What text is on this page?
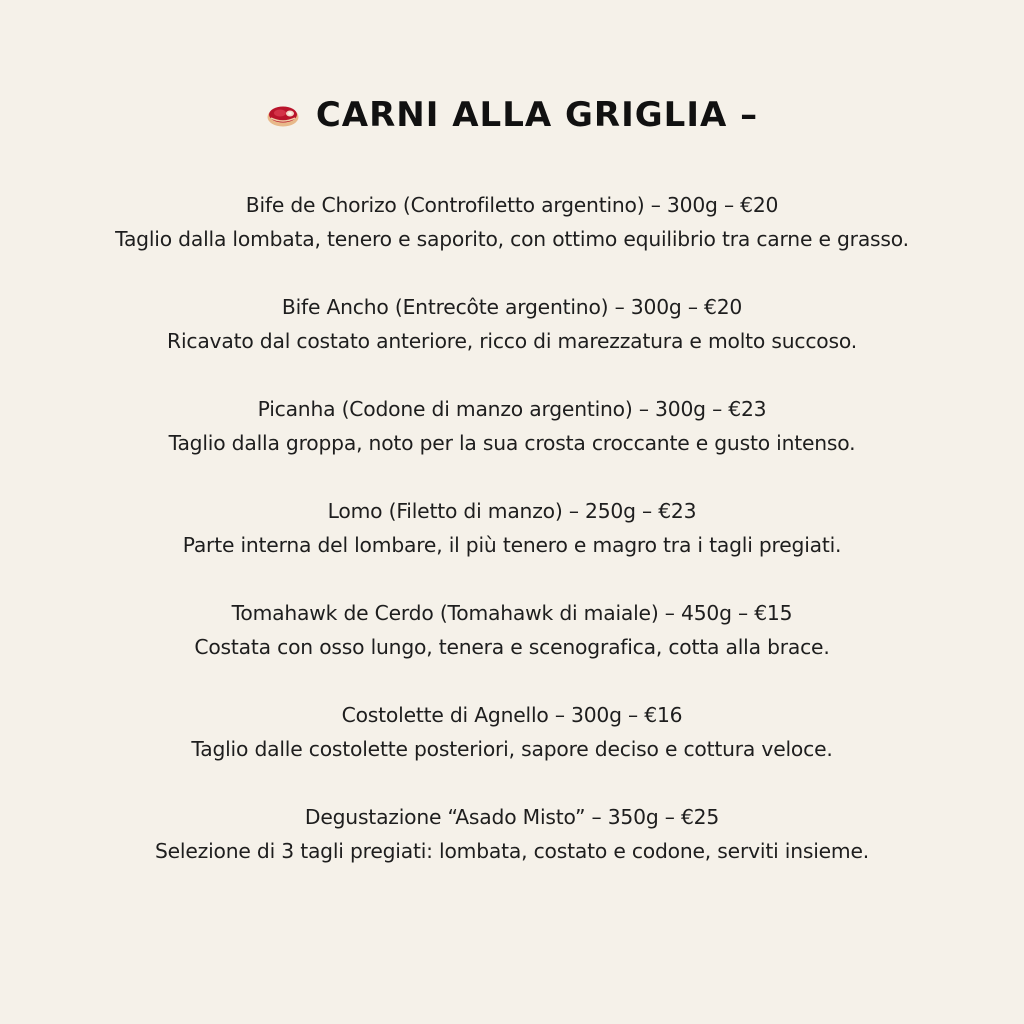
CARNI ALLA GRIGLIA –
Bife de Chorizo (Controfiletto argentino) – 300g – €20
Taglio dalla lombata, tenero e saporito, con ottimo equilibrio tra carne e grasso.
Bife Ancho (Entrecôte argentino) – 300g – €20
Ricavato dal costato anteriore, ricco di marezzatura e molto succoso.
Picanha (Codone di manzo argentino) – 300g – €23
Taglio dalla groppa, noto per la sua crosta croccante e gusto intenso.
Lomo (Filetto di manzo) – 250g – €23
Parte interna del lombare, il più tenero e magro tra i tagli pregiati.
Tomahawk de Cerdo (Tomahawk di maiale) – 450g – €15
Costata con osso lungo, tenera e scenografica, cotta alla brace.
Costolette di Agnello – 300g – €16
Taglio dalle costolette posteriori, sapore deciso e cottura veloce.
Degustazione “Asado Misto” – 350g – €25
Selezione di 3 tagli pregiati: lombata, costato e codone, serviti insieme.
